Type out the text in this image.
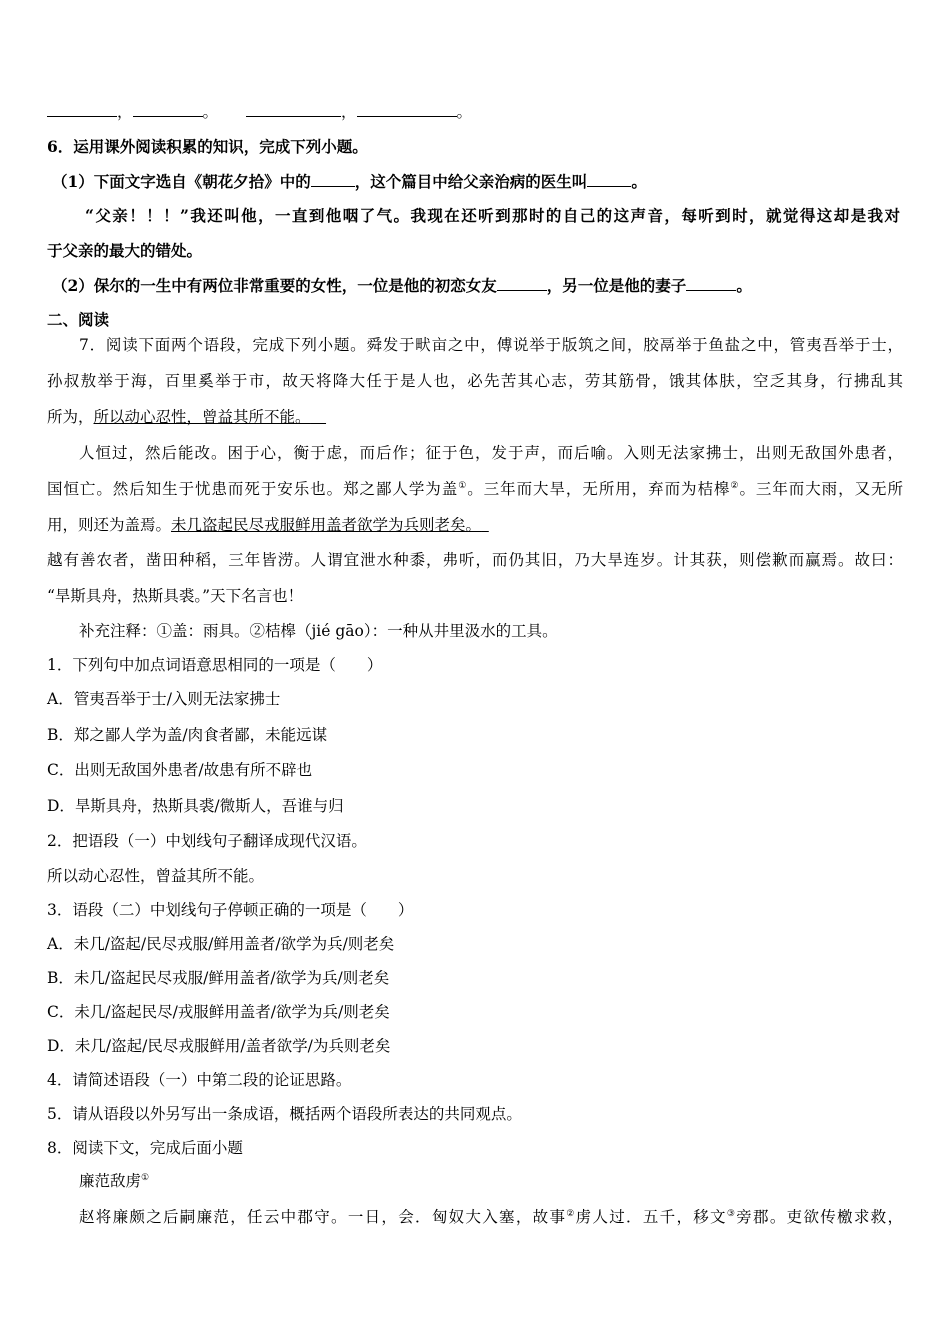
，	。	，	。
6．运用课外阅读积累的知识，完成下列小题。
（1）下面文字选自《朝花夕拾》中的	，这个篇目中给父亲治病的医生叫	。
“父亲！！！”我还叫他，一直到他咽了气。我现在还听到那时的自己的这声音，每听到时，就觉得这却是我对
于父亲的最大的错处。
（2）保尔的一生中有两位非常重要的女性，一位是他的初恋女友	，另一位是他的妻子	。
二、阅读
7．阅读下面两个语段，完成下列小题。舜发于畎亩之中，傅说举于版筑之间，胶鬲举于鱼盐之中，管夷吾举于士，
孙叔敖举于海，百里奚举于市，故天将降大任于是人也，必先苦其心志，劳其筋骨，饿其体肤，空乏其身，行拂乱其
所为，所以动心忍性，曾益其所不能。 
人恒过，然后能改。困于心，衡于虑，而后作；征于色，发于声，而后喻。入则无法家拂士，出则无敌国外患者，
国恒亡。然后知生于忧患而死于安乐也。郑之鄙人学为盖①。三年而大旱，无所用，弃而为桔槔②。三年而大雨，又无所
用，则还为盖焉。未几盗起民尽戎服鲜用盖者欲学为兵则老矣。 
越有善农者，凿田种稻，三年皆涝。人谓宜泄水种黍，弗听，而仍其旧，乃大旱连岁。计其获，则偿歉而赢焉。故曰：
“旱斯具舟，热斯具裘。”天下名言也！
补充注释：①盖：雨具。②桔槔（jié gāo）：一种从井里汲水的工具。
1．下列句中加点词语意思相同的一项是（　　）
A．管夷吾举于士/入则无法家拂士
B．郑之鄙人学为盖/肉食者鄙，未能远谋
C．出则无敌国外患者/故患有所不辟也
D．旱斯具舟，热斯具裘/微斯人，吾谁与归
2．把语段（一）中划线句子翻译成现代汉语。
所以动心忍性，曾益其所不能。
3．语段（二）中划线句子停顿正确的一项是（　　）
A．未几/盗起/民尽戎服/鲜用盖者/欲学为兵/则老矣
B．未几/盗起民尽戎服/鲜用盖者/欲学为兵/则老矣
C．未几/盗起民尽/戎服鲜用盖者/欲学为兵/则老矣
D．未几/盗起/民尽戎服鲜用/盖者欲学/为兵则老矣
4．请简述语段（一）中第二段的论证思路。
5．请从语段以外另写出一条成语，概括两个语段所表达的共同观点。
8．阅读下文，完成后面小题
廉范敌虏①
赵将廉颇之后嗣廉范，任云中郡守。一日，会．匈奴大入塞，故事②虏人过．五千，移文③旁郡。吏欲传檄求救，
